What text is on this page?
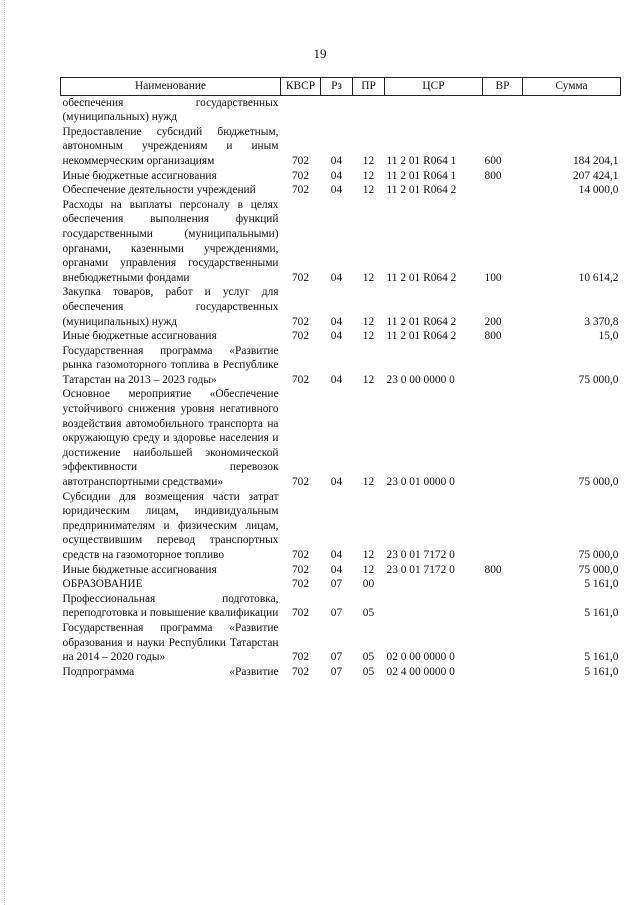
19
Наименование	КВСР	Рз	ПР	ЦСР	ВР	Сумма
обеспечения государственных (муниципальных) нужд						
Предоставление субсидий бюджетным, автономным учреждениям и иным некоммерческим организациям	702	04	12	11 2 01 R064 1	600	184 204,1
Иные бюджетные ассигнования	702	04	12	11 2 01 R064 1	800	207 424,1
Обеспечение деятельности учреждений	702	04	12	11 2 01 R064 2		14 000,0
Расходы на выплаты персоналу в целях обеспечения выполнения функций государственными (муниципальными) органами, казенными учреждениями, органами управления государственными внебюджетными фондами	702	04	12	11 2 01 R064 2	100	10 614,2
Закупка товаров, работ и услуг для обеспечения государственных (муниципальных) нужд	702	04	12	11 2 01 R064 2	200	3 370,8
Иные бюджетные ассигнования	702	04	12	11 2 01 R064 2	800	15,0
Государственная программа «Развитие рынка газомоторного топлива в Республике Татарстан на 2013 – 2023 годы»	702	04	12	23 0 00 0000 0		75 000,0
Основное мероприятие «Обеспечение устойчивого снижения уровня негативного воздействия автомобильного транспорта на окружающую среду и здоровье населения и достижение наибольшей экономической эффективности перевозок автотранспортными средствами»	702	04	12	23 0 01 0000 0		75 000,0
Субсидии для возмещения части затрат юридическим лицам, индивидуальным предпринимателям и физическим лицам, осуществившим перевод транспортных средств на газомоторное топливо	702	04	12	23 0 01 7172 0		75 000,0
Иные бюджетные ассигнования	702	04	12	23 0 01 7172 0	800	75 000,0
ОБРАЗОВАНИЕ	702	07	00			5 161,0
Профессиональная подготовка, переподготовка и повышение квалификации	702	07	05			5 161,0
Государственная программа «Развитие образования и науки Республики Татарстан на 2014 – 2020 годы»	702	07	05	02 0 00 0000 0		5 161,0
Подпрограмма «Развитие	702	07	05	02 4 00 0000 0		5 161,0
